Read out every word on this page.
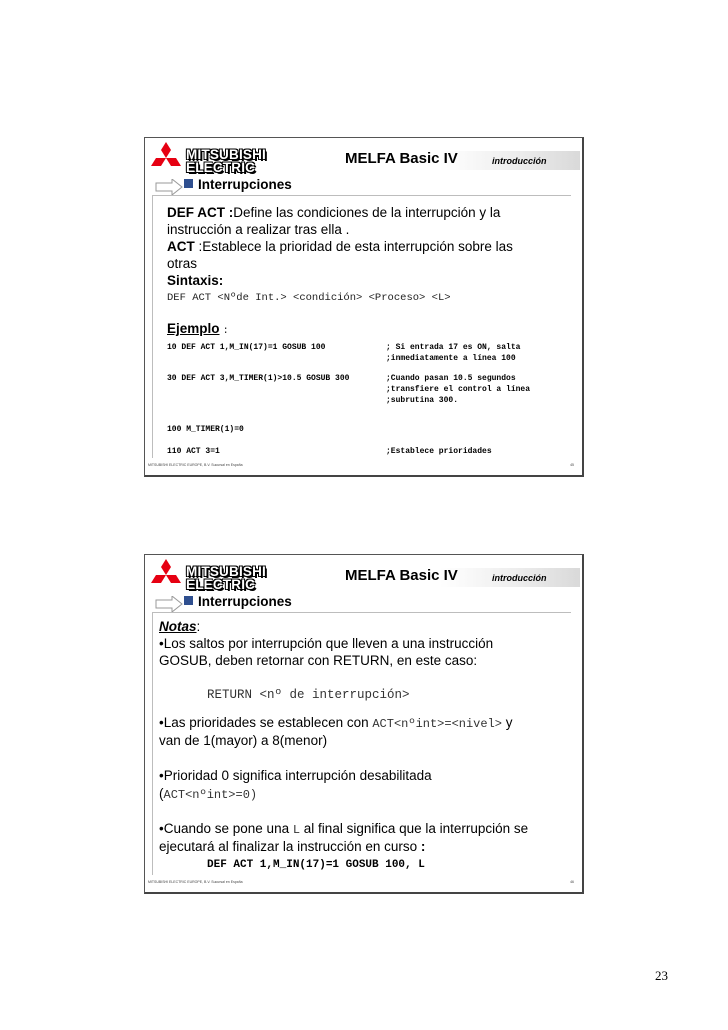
MITSUBISHI
ELECTRIC
MELFA Basic IV	introducción
Interrupciones
DEF ACT :Define las condiciones de la interrupción y la
instrucción a realizar tras ella .
ACT :Establece la prioridad de esta interrupción sobre las
otras
Sintaxis:
DEF ACT <Nºde Int.> <condición> <Proceso> <L>
Ejemplo :
10 DEF ACT 1,M_IN(17)=1 GOSUB 100	; Si entrada 17 es ON, salta
;inmediatamente a línea 100
30 DEF ACT 3,M_TIMER(1)>10.5 GOSUB 300	;Cuando pasan 10.5 segundos
;transfiere el control a línea
;subrutina 300.
100 M_TIMER(1)=0
110 ACT 3=1	;Establece prioridades
MITSUBISHI ELECTRIC EUROPE, B.V. Sucursal en España	45
MITSUBISHI
ELECTRIC
MELFA Basic IV	introducción
Interrupciones
Notas:
•Los saltos por interrupción que lleven a una instrucción
GOSUB, deben retornar con RETURN, en este caso:
RETURN <nº de interrupción>
•Las prioridades se establecen con ACT<nºint>=<nivel> y
van de 1(mayor) a 8(menor)
•Prioridad 0 significa interrupción desabilitada
(ACT<nºint>=0)
•Cuando se pone una L al final significa que la interrupción se
ejecutará al finalizar la instrucción en curso :
DEF ACT 1,M_IN(17)=1 GOSUB 100, L
MITSUBISHI ELECTRIC EUROPE, B.V. Sucursal en España	46
23
